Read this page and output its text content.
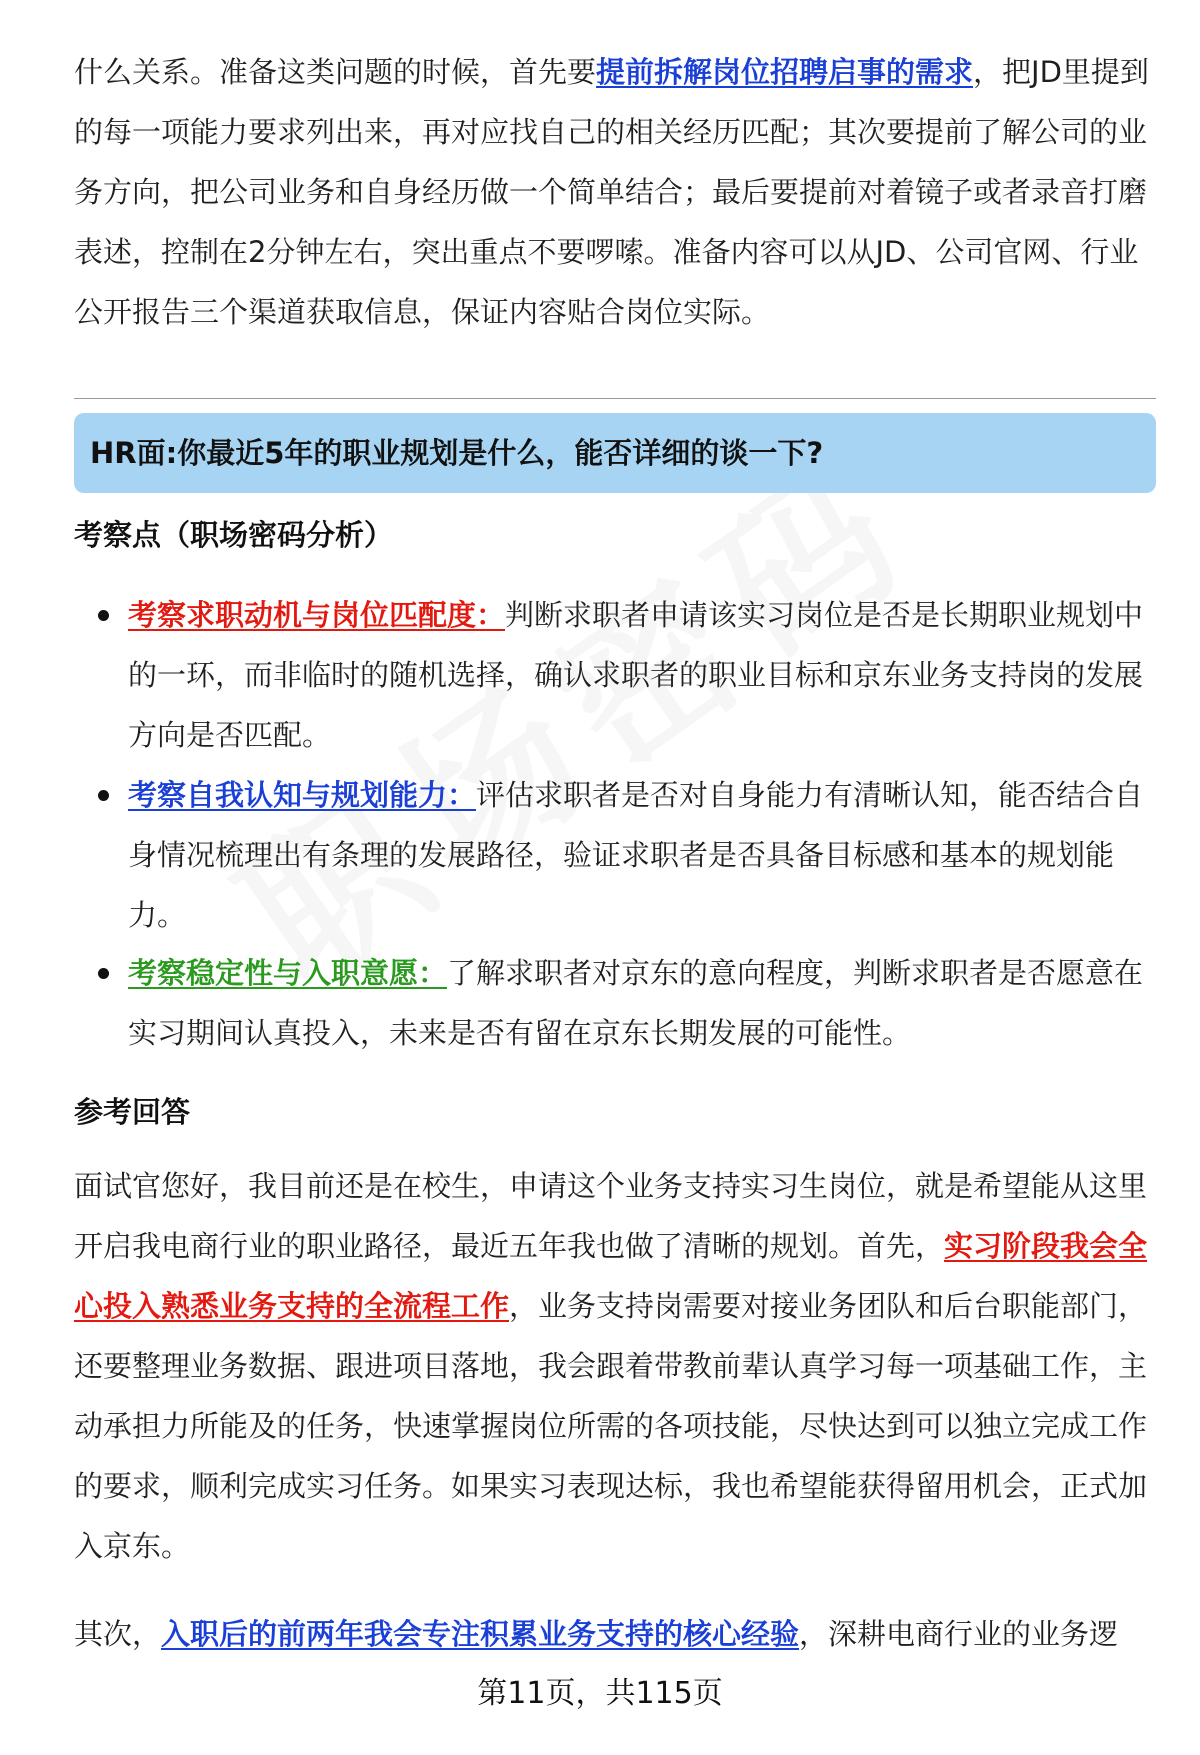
什么关系。准备这类问题的时候，首先要提前拆解岗位招聘启事的需求，把JD里提到的每一项能力要求列出来，再对应找自己的相关经历匹配；其次要提前了解公司的业务方向，把公司业务和自身经历做一个简单结合；最后要提前对着镜子或者录音打磨表述，控制在2分钟左右，突出重点不要啰嗦。准备内容可以从JD、公司官网、行业公开报告三个渠道获取信息，保证内容贴合岗位实际。

HR面:你最近5年的职业规划是什么，能否详细的谈一下?

考察点（职场密码分析）

考察求职动机与岗位匹配度：判断求职者申请该实习岗位是否是长期职业规划中的一环，而非临时的随机选择，确认求职者的职业目标和京东业务支持岗的发展方向是否匹配。

考察自我认知与规划能力：评估求职者是否对自身能力有清晰认知，能否结合自身情况梳理出有条理的发展路径，验证求职者是否具备目标感和基本的规划能力。

考察稳定性与入职意愿：了解求职者对京东的意向程度，判断求职者是否愿意在实习期间认真投入，未来是否有留在京东长期发展的可能性。

参考回答

面试官您好，我目前还是在校生，申请这个业务支持实习生岗位，就是希望能从这里开启我电商行业的职业路径，最近五年我也做了清晰的规划。首先，实习阶段我会全心投入熟悉业务支持的全流程工作，业务支持岗需要对接业务团队和后台职能部门，还要整理业务数据、跟进项目落地，我会跟着带教前辈认真学习每一项基础工作，主动承担力所能及的任务，快速掌握岗位所需的各项技能，尽快达到可以独立完成工作的要求，顺利完成实习任务。如果实习表现达标，我也希望能获得留用机会，正式加入京东。

其次，入职后的前两年我会专注积累业务支持的核心经验，深耕电商行业的业务逻

第11页，共115页
